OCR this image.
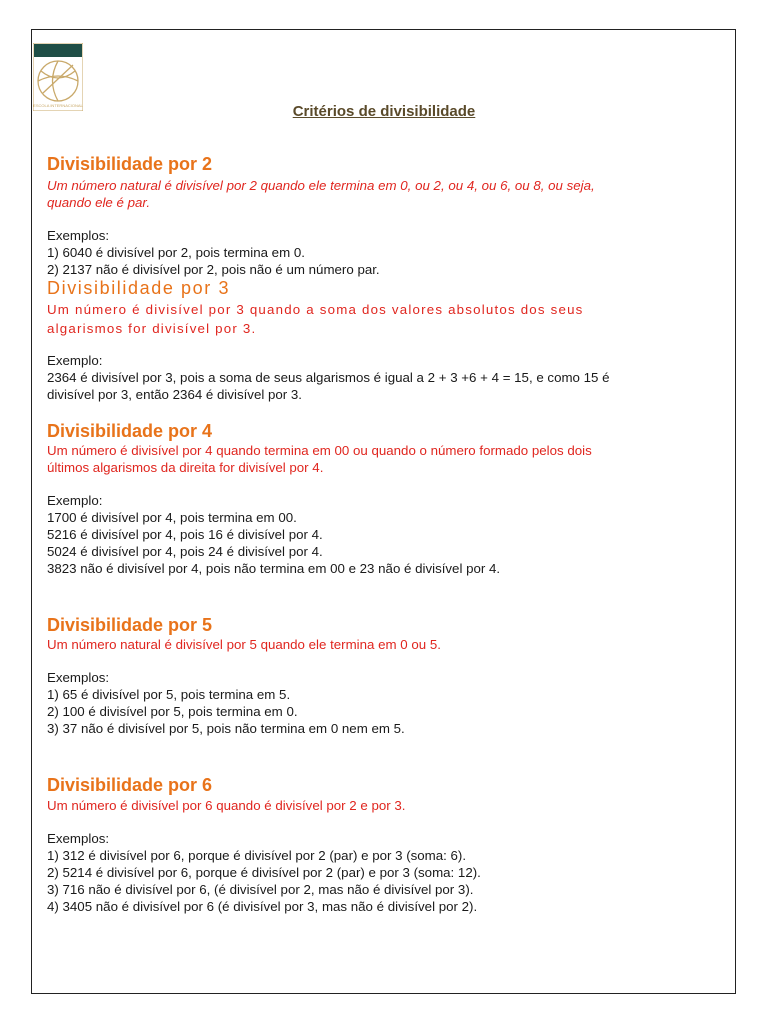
ESCOLA INTERNACIONAL	Critérios de divisibilidade
Divisibilidade por 2
Um número natural é divisível por 2 quando ele termina em 0, ou 2, ou 4, ou 6, ou 8, ou seja,
quando ele é par.
Exemplos:
1) 6040 é divisível por 2, pois termina em 0.
2) 2137 não é divisível por 2, pois não é um número par.
Divisibilidade por 3
Um número é divisível por 3 quando a soma dos valores absolutos dos seus
algarismos for divisível por 3.
Exemplo:
2364 é divisível por 3, pois a soma de seus algarismos é igual a 2 + 3 +6 + 4 = 15, e como 15 é
divisível por 3, então 2364 é divisível por 3.
Divisibilidade por 4
Um número é divisível por 4 quando termina em 00 ou quando o número formado pelos dois
últimos algarismos da direita for divisível por 4.
Exemplo:
1700 é divisível por 4, pois termina em 00.
5216 é divisível por 4, pois 16 é divisível por 4.
5024 é divisível por 4, pois 24 é divisível por 4.
3823 não é divisível por 4, pois não termina em 00 e 23 não é divisível por 4.
Divisibilidade por 5
Um número natural é divisível por 5 quando ele termina em 0 ou 5.
Exemplos:
1) 65 é divisível por 5, pois termina em 5.
2) 100 é divisível por 5, pois termina em 0.
3) 37 não é divisível por 5, pois não termina em 0 nem em 5.
Divisibilidade por 6
Um número é divisível por 6 quando é divisível por 2 e por 3.
Exemplos:
1) 312 é divisível por 6, porque é divisível por 2 (par) e por 3 (soma: 6).
2) 5214 é divisível por 6, porque é divisível por 2 (par) e por 3 (soma: 12).
3) 716 não é divisível por 6, (é divisível por 2, mas não é divisível por 3).
4) 3405 não é divisível por 6 (é divisível por 3, mas não é divisível por 2).
